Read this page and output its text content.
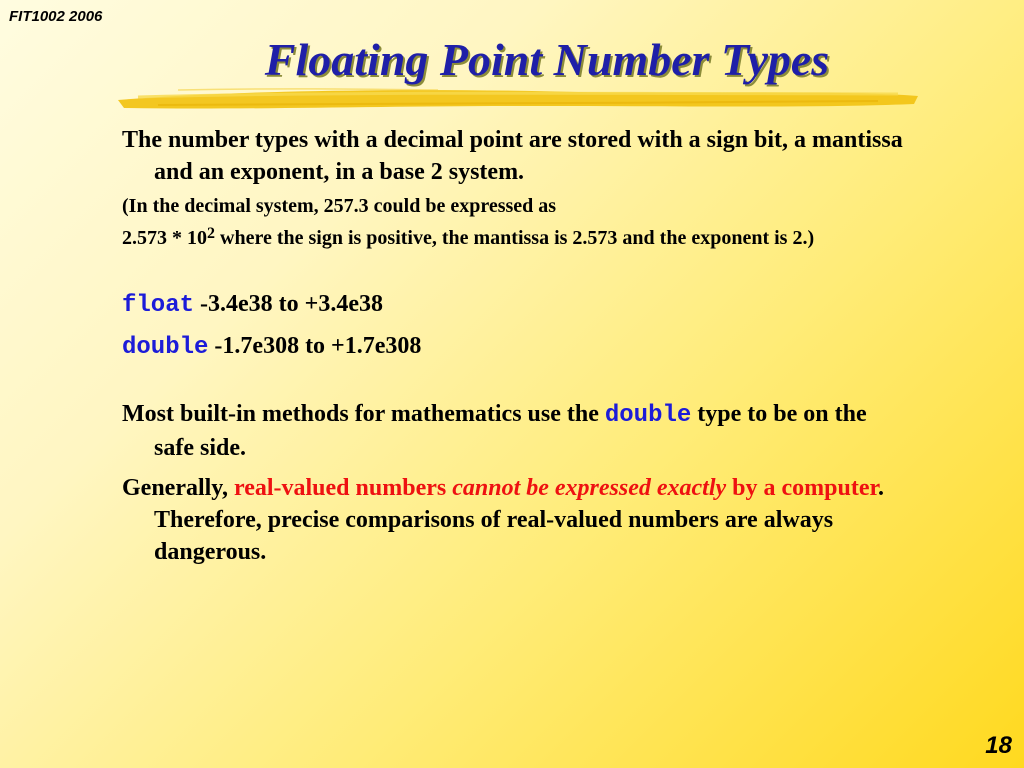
FIT1002 2006
Floating Point Number Types
The number types with a decimal point are stored with a sign bit, a mantissa and an exponent, in a base 2 system.
(In the decimal system, 257.3 could be expressed as
$2.573 * 10^2$ where the sign is positive, the mantissa is 2.573 and the exponent is 2.)
float -3.4e38 to +3.4e38
double -1.7e308 to +1.7e308
Most built-in methods for mathematics use the double type to be on the safe side.
Generally, real-valued numbers cannot be expressed exactly by a computer. Therefore, precise comparisons of real-valued numbers are always dangerous.
18
